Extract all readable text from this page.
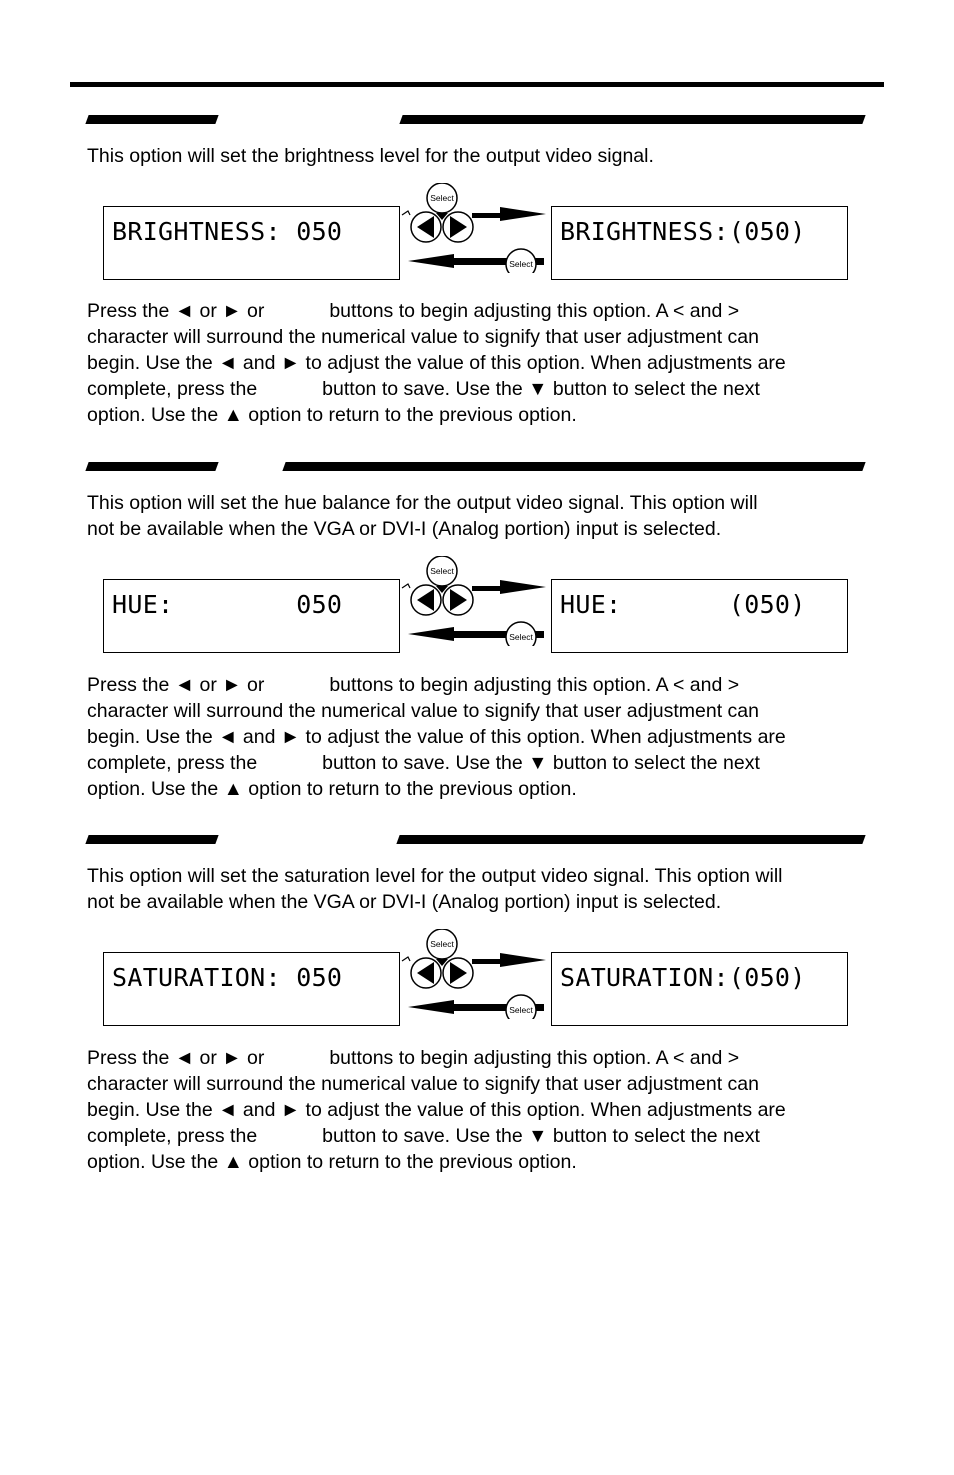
This option will set the brightness level for the output video signal.

BRIGHTNESS: 050
Select
Select
BRIGHTNESS:(050)

Press the ◄ or ► or            buttons to begin adjusting this option. A < and >
character will surround the numerical value to signify that user adjustment can
begin. Use the ◄ and ► to adjust the value of this option. When adjustments are
complete, press the            button to save. Use the ▼ button to select the next
option. Use the ▲ option to return to the previous option.

This option will set the hue balance for the output video signal. This option will
not be available when the VGA or DVI-I (Analog portion) input is selected.

HUE:        050
Select
Select
HUE:       (050)

Press the ◄ or ► or            buttons to begin adjusting this option. A < and >
character will surround the numerical value to signify that user adjustment can
begin. Use the ◄ and ► to adjust the value of this option. When adjustments are
complete, press the            button to save. Use the ▼ button to select the next
option. Use the ▲ option to return to the previous option.

This option will set the saturation level for the output video signal. This option will
not be available when the VGA or DVI-I (Analog portion) input is selected.

SATURATION: 050
Select
Select
SATURATION:(050)

Press the ◄ or ► or            buttons to begin adjusting this option. A < and >
character will surround the numerical value to signify that user adjustment can
begin. Use the ◄ and ► to adjust the value of this option. When adjustments are
complete, press the            button to save. Use the ▼ button to select the next
option. Use the ▲ option to return to the previous option.
